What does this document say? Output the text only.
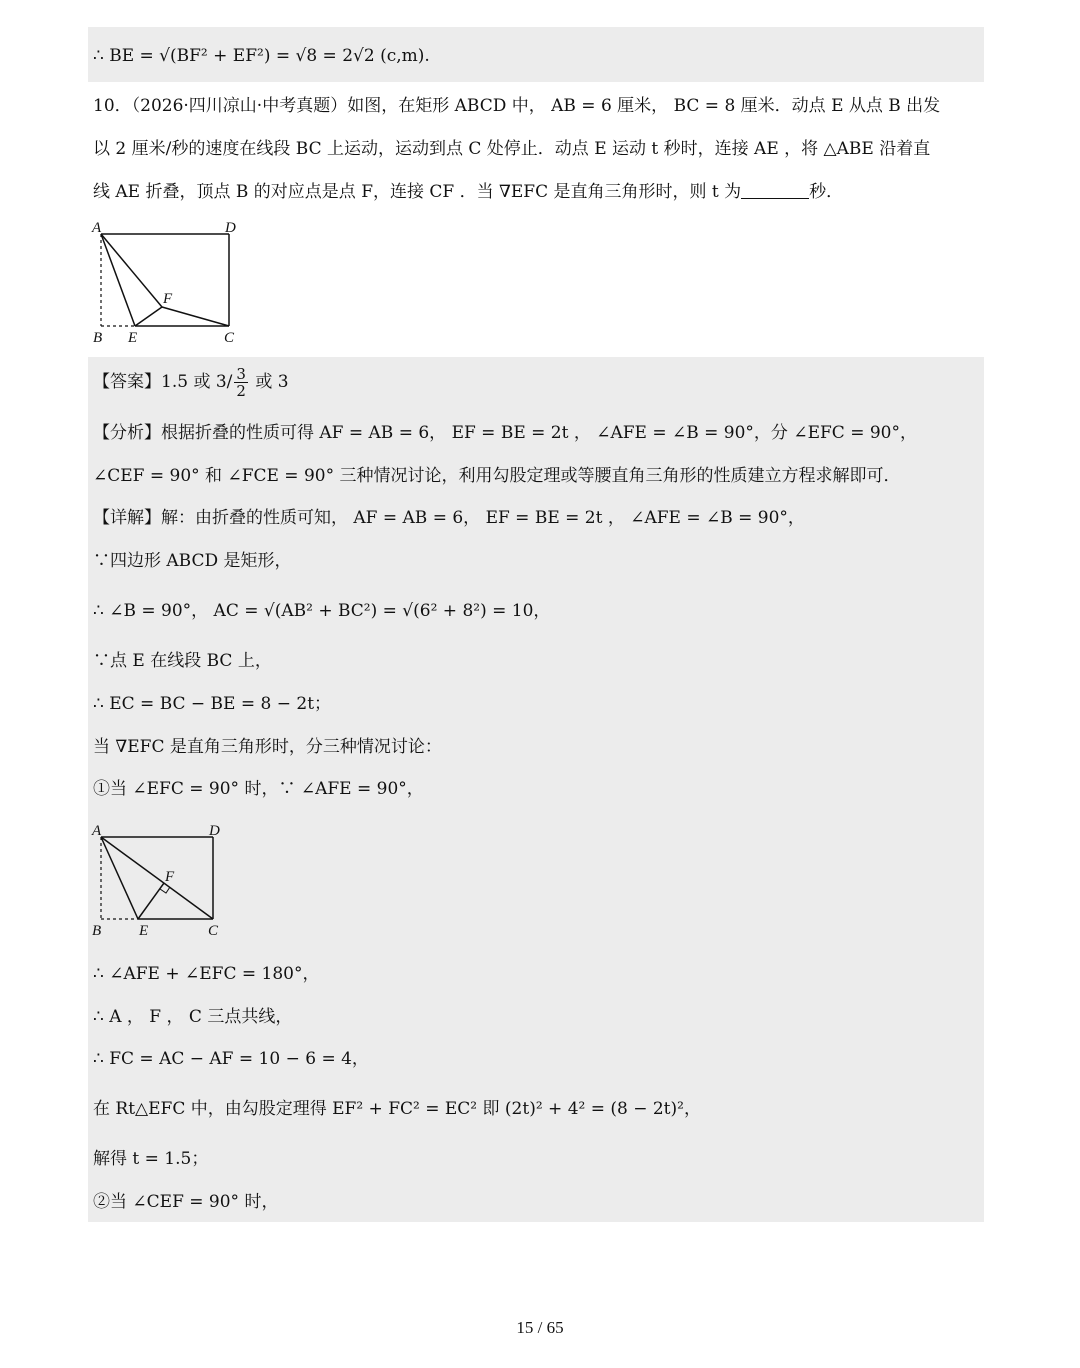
∴ BE = √(BF² + EF²) = √8 = 2√2 (c,m).
10．（2026·四川凉山·中考真题）如图，在矩形 ABCD 中， AB = 6 厘米， BC = 8 厘米．动点 E 从点 B 出发
以 2 厘米/秒的速度在线段 BC 上运动，运动到点 C 处停止．动点 E 运动 t 秒时，连接 AE ，将 △ABE 沿着直
线 AE 折叠，顶点 B 的对应点是点 F，连接 CF ．当 ∇EFC 是直角三角形时，则 t 为	秒．
A	D
F
B E	C
【答案】1.5 或 $3/ \frac{3}{2}$ 或 3
【分析】根据折叠的性质可得 AF = AB = 6， EF = BE = 2t ， ∠AFE = ∠B = 90°，分 ∠EFC = 90°，
∠CEF = 90° 和 ∠FCE = 90° 三种情况讨论，利用勾股定理或等腰直角三角形的性质建立方程求解即可．
【详解】解：由折叠的性质可知， AF = AB = 6， EF = BE = 2t ， ∠AFE = ∠B = 90°，
∵四边形 ABCD 是矩形，
∴ ∠B = 90°， AC = √(AB² + BC²) = √(6² + 8²) = 10，
∵点 E 在线段 BC 上，
∴ EC = BC − BE = 8 − 2t；
当 ∇EFC 是直角三角形时，分三种情况讨论：
①当 ∠EFC = 90° 时，∵ ∠AFE = 90°，
A	D
F
B	E	C
∴ ∠AFE + ∠EFC = 180°，
∴ A ， F ， C 三点共线，
∴ FC = AC − AF = 10 − 6 = 4，
在 Rt△EFC 中，由勾股定理得 EF² + FC² = EC² 即 (2t)² + 4² = (8 − 2t)²，
解得 t = 1.5；
②当 ∠CEF = 90° 时，
15 / 65
